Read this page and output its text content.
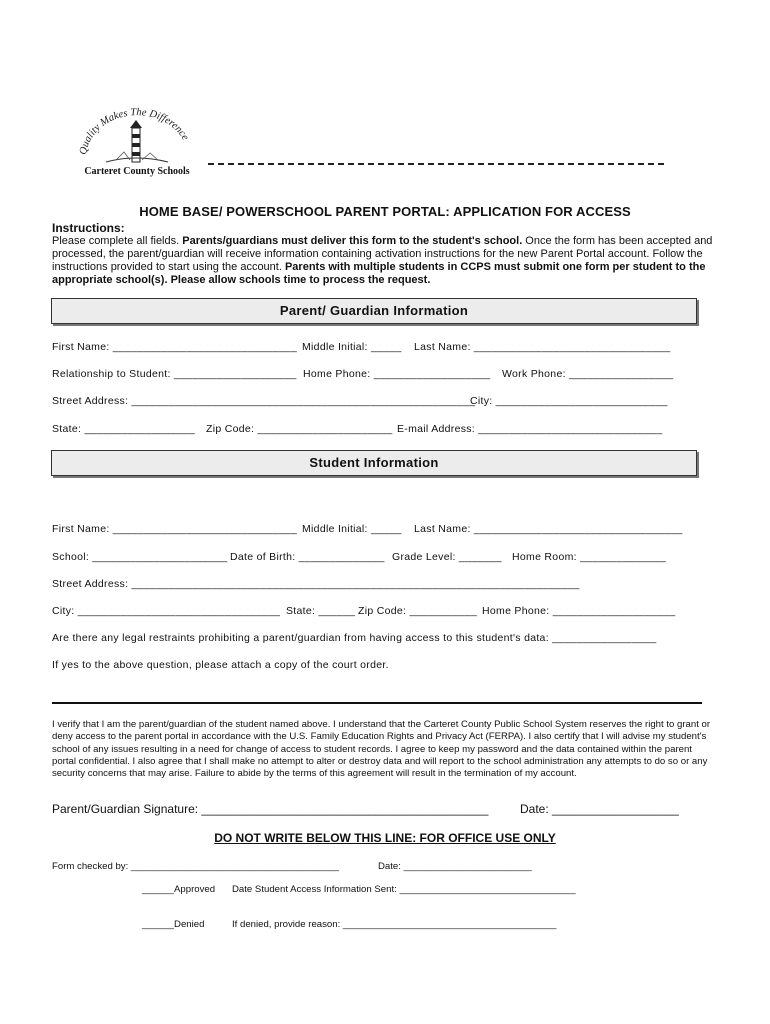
Quality Makes The Difference
Carteret County Schools
HOME BASE/ POWERSCHOOL PARENT PORTAL: APPLICATION FOR ACCESS
Instructions:
Please complete all fields. Parents/guardians must deliver this form to the student's school. Once the form has been accepted and processed, the parent/guardian will receive information containing activation instructions for the new Parent Portal account. Follow the instructions provided to start using the account. Parents with multiple students in CCPS must submit one form per student to the appropriate school(s). Please allow schools time to process the request.
Parent/ Guardian Information
First Name: ______________________________ Middle Initial: _____ Last Name: ________________________________
Relationship to Student: ____________________ Home Phone: ___________________ Work Phone: _________________
Street Address: ________________________________________________________
City: ____________________________
State: __________________ Zip Code: ______________________ E-mail Address: ______________________________
Student Information
First Name: ______________________________ Middle Initial: _____ Last Name: __________________________________
School: ______________________ Date of Birth: ______________ Grade Level: _______ Home Room: ______________
Street Address: _________________________________________________________________________
City: _________________________________ State: ______ Zip Code: ___________ Home Phone: ____________________
Are there any legal restraints prohibiting a parent/guardian from having access to this student's data: _________________
If yes to the above question, please attach a copy of the court order.
I verify that I am the parent/guardian of the student named above. I understand that the Carteret County Public School System reserves the right to grant or deny access to the parent portal in accordance with the U.S. Family Education Rights and Privacy Act (FERPA). I also certify that I will advise my student's school of any issues resulting in a need for change of access to student records. I agree to keep my password and the data contained within the parent portal confidential. I also agree that I shall make no attempt to alter or destroy data and will report to the school administration any attempts to do so or any security concerns that may arise. Failure to abide by the terms of this agreement will result in the termination of my account.
Parent/Guardian Signature: ___________________________________________	Date: ___________________
DO NOT WRITE BELOW THIS LINE: FOR OFFICE USE ONLY
Form checked by: _______________________________________	Date: ________________________
______Approved Date Student Access Information Sent: _________________________________
______Denied	If denied, provide reason: ________________________________________
